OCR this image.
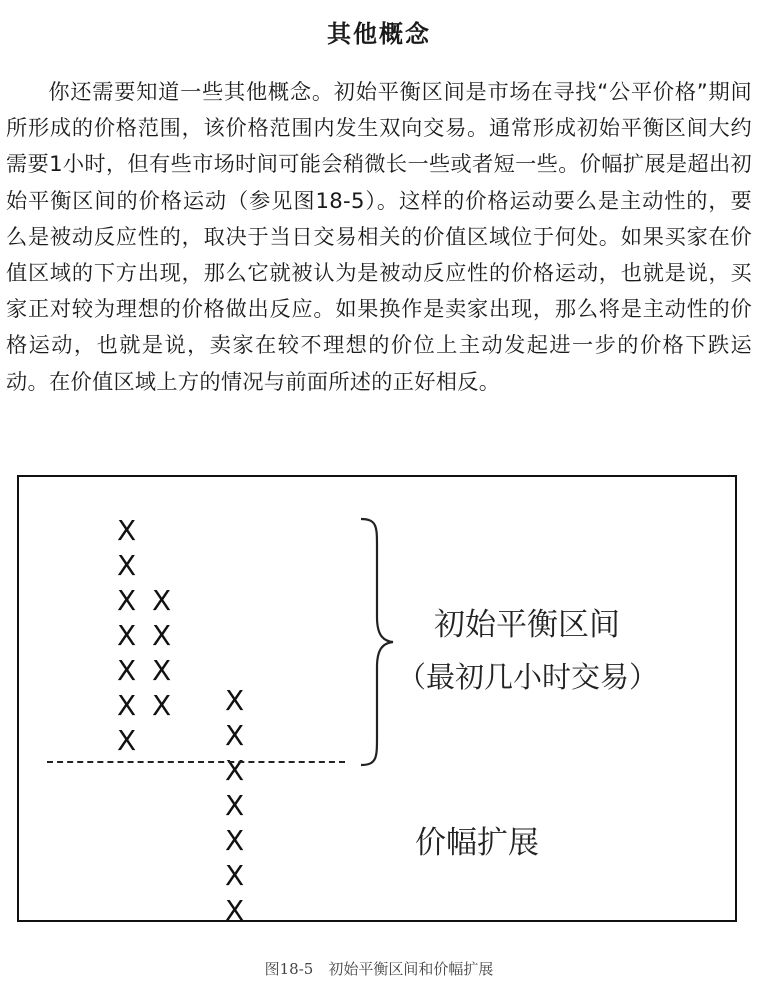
其他概念
你还需要知道一些其他概念。初始平衡区间是市场在寻找“公平价格”期间所形成的价格范围，该价格范围内发生双向交易。通常形成初始平衡区间大约需要1小时，但有些市场时间可能会稍微长一些或者短一些。价幅扩展是超出初始平衡区间的价格运动（参见图18-5）。这样的价格运动要么是主动性的，要么是被动反应性的，取决于当日交易相关的价值区域位于何处。如果买家在价值区域的下方出现，那么它就被认为是被动反应性的价格运动，也就是说，买家正对较为理想的价格做出反应。如果换作是卖家出现，那么将是主动性的价格运动，也就是说，卖家在较不理想的价位上主动发起进一步的价格下跌运动。在价值区域上方的情况与前面所述的正好相反。
X
X
X
X
X
X
X
X
X
X
X X
X
X
X
X
X
X
初始平衡区间
（最初几小时交易）
价幅扩展
图18-5　初始平衡区间和价幅扩展
